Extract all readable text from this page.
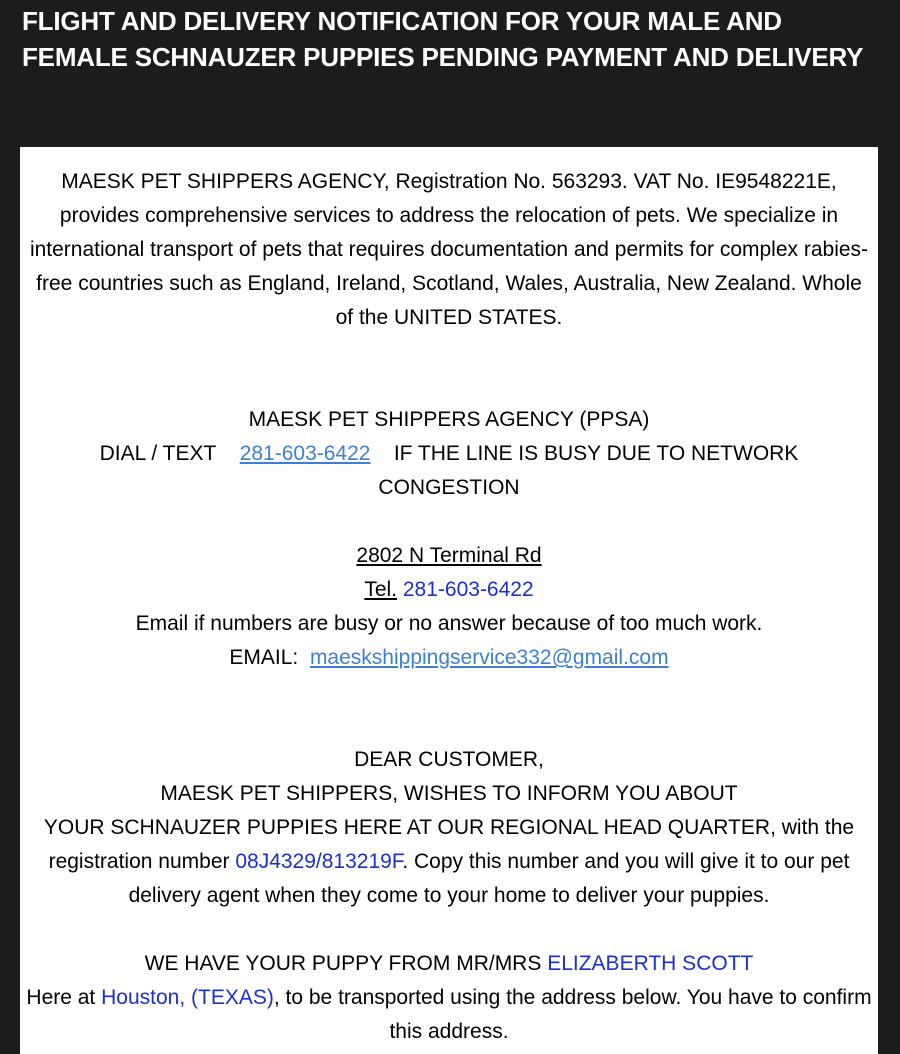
FLIGHT AND DELIVERY NOTIFICATION FOR YOUR MALE AND FEMALE SCHNAUZER PUPPIES PENDING PAYMENT AND DELIVERY

MAESK PET SHIPPERS AGENCY, Registration No. 563293. VAT No. IE9548221E, provides comprehensive services to address the relocation of pets. We specialize in international transport of pets that requires documentation and permits for complex rabies-free countries such as England, Ireland, Scotland, Wales, Australia, New Zealand. Whole of the UNITED STATES.

MAESK PET SHIPPERS AGENCY (PPSA)

DIAL / TEXT 281-603-6422 IF THE LINE IS BUSY DUE TO NETWORK CONGESTION

2802 N Terminal Rd

Tel. 281-603-6422

Email if numbers are busy or no answer because of too much work.

EMAIL: maeskshippingservice332@gmail.com

DEAR CUSTOMER,

MAESK PET SHIPPERS, WISHES TO INFORM YOU ABOUT

YOUR SCHNAUZER PUPPIES HERE AT OUR REGIONAL HEAD QUARTER, with the registration number 08J4329/813219F. Copy this number and you will give it to our pet delivery agent when they come to your home to deliver your puppies.

WE HAVE YOUR PUPPY FROM MR/MRS ELIZABERTH SCOTT

Here at Houston, (TEXAS), to be transported using the address below. You have to confirm this address.
